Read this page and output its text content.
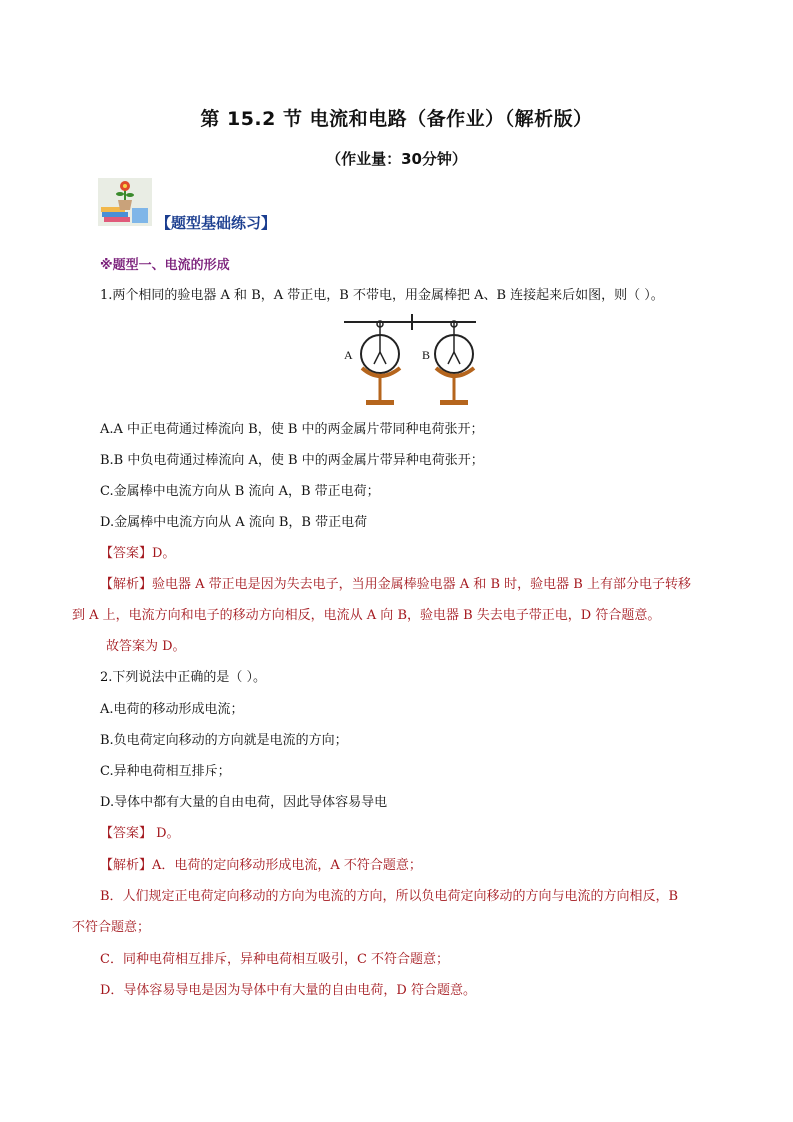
第 15.2 节 电流和电路（备作业）（解析版）
（作业量：30分钟）
【题型基础练习】
※题型一、电流的形成
1.两个相同的验电器 A 和 B，A 带正电，B 不带电，用金属棒把 A、B 连接起来后如图，则（ ）。
A	B
A.A 中正电荷通过棒流向 B，使 B 中的两金属片带同种电荷张开；
B.B 中负电荷通过棒流向 A，使 B 中的两金属片带异种电荷张开；
C.金属棒中电流方向从 B 流向 A，B 带正电荷；
D.金属棒中电流方向从 A 流向 B，B 带正电荷
【答案】D。
【解析】验电器 A 带正电是因为失去电子，当用金属棒验电器 A 和 B 时，验电器 B 上有部分电子转移
到 A 上，电流方向和电子的移动方向相反，电流从 A 向 B，验电器 B 失去电子带正电，D 符合题意。
故答案为 D。
2.下列说法中正确的是（ ）。
A.电荷的移动形成电流；
B.负电荷定向移动的方向就是电流的方向；
C.异种电荷相互排斥；
D.导体中都有大量的自由电荷，因此导体容易导电
【答案】 D。
【解析】A．电荷的定向移动形成电流，A 不符合题意；
B．人们规定正电荷定向移动的方向为电流的方向，所以负电荷定向移动的方向与电流的方向相反，B
不符合题意；
C．同种电荷相互排斥，异种电荷相互吸引，C 不符合题意；
D．导体容易导电是因为导体中有大量的自由电荷，D 符合题意。
